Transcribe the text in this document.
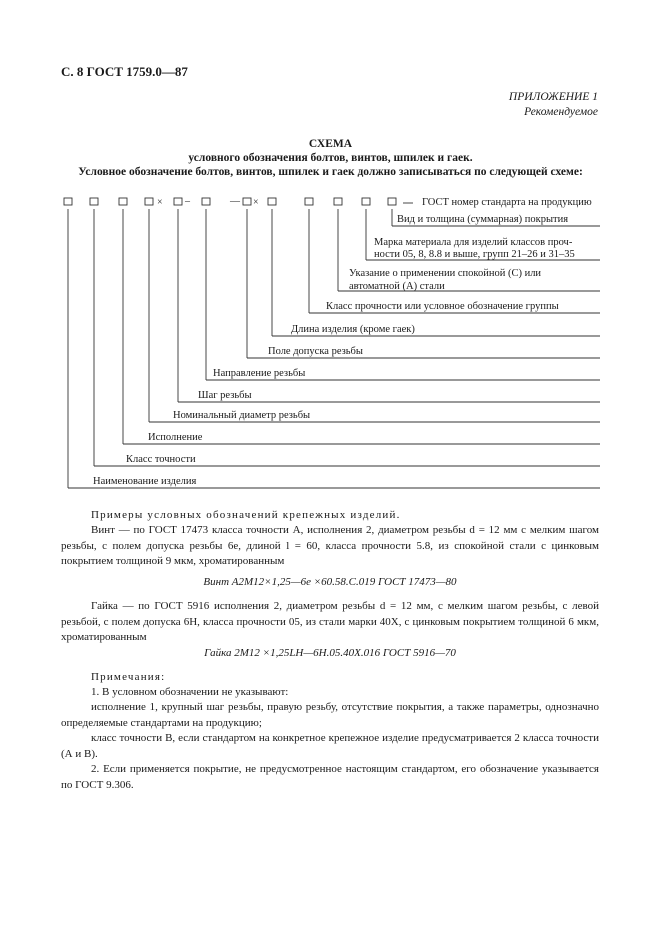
С. 8 ГОСТ 1759.0—87
ПРИЛОЖЕНИЕ 1
Рекомендуемое
СХЕМА
условного обозначения болтов, винтов, шпилек и гаек.
Условное обозначение болтов, винтов, шпилек и гаек должно записываться по следующей схеме:
× –	— ×	ГОСТ номер стандарта на продукцию
Вид и толщина (суммарная) покрытия
Марка материала для изделий классов проч-
ности 05, 8, 8.8 и выше, групп 21–26 и 31–35
Указание о применении спокойной (С) или
автоматной (А) стали
Класс прочности или условное обозначение группы
Длина изделия (кроме гаек)
Поле допуска резьбы
Направление резьбы
Шаг резьбы
Номинальный диаметр резьбы
Исполнение
Класс точности
Наименование изделия
Примеры условных обозначений крепежных изделий.
Винт — по ГОСТ 17473 класса точности А, исполнения 2, диаметром резьбы d = 12 мм с мелким шагом резьбы, с полем допуска резьбы 6е, длиной l = 60, класса прочности 5.8, из спокойной стали с цинковым покрытием толщиной 9 мкм, хроматированным
Винт А2М12×1,25—6е ×60.58.С.019 ГОСТ 17473—80
Гайка — по ГОСТ 5916 исполнения 2, диаметром резьбы d = 12 мм, с мелким шагом резьбы, с левой резьбой, с полем допуска 6Н, класса прочности 05, из стали марки 40Х, с цинковым покрытием толщиной 6 мкм, хроматированным
Гайка 2М12 ×1,25LH—6Н.05.40Х.016 ГОСТ 5916—70
Примечания:
1. В условном обозначении не указывают:
исполнение 1, крупный шаг резьбы, правую резьбу, отсутствие покрытия, а также параметры, однозначно определяемые стандартами на продукцию;
класс точности В, если стандартом на конкретное крепежное изделие предусматривается 2 класса точности (А и В).
2. Если применяется покрытие, не предусмотренное настоящим стандартом, его обозначение указывается по ГОСТ 9.306.
